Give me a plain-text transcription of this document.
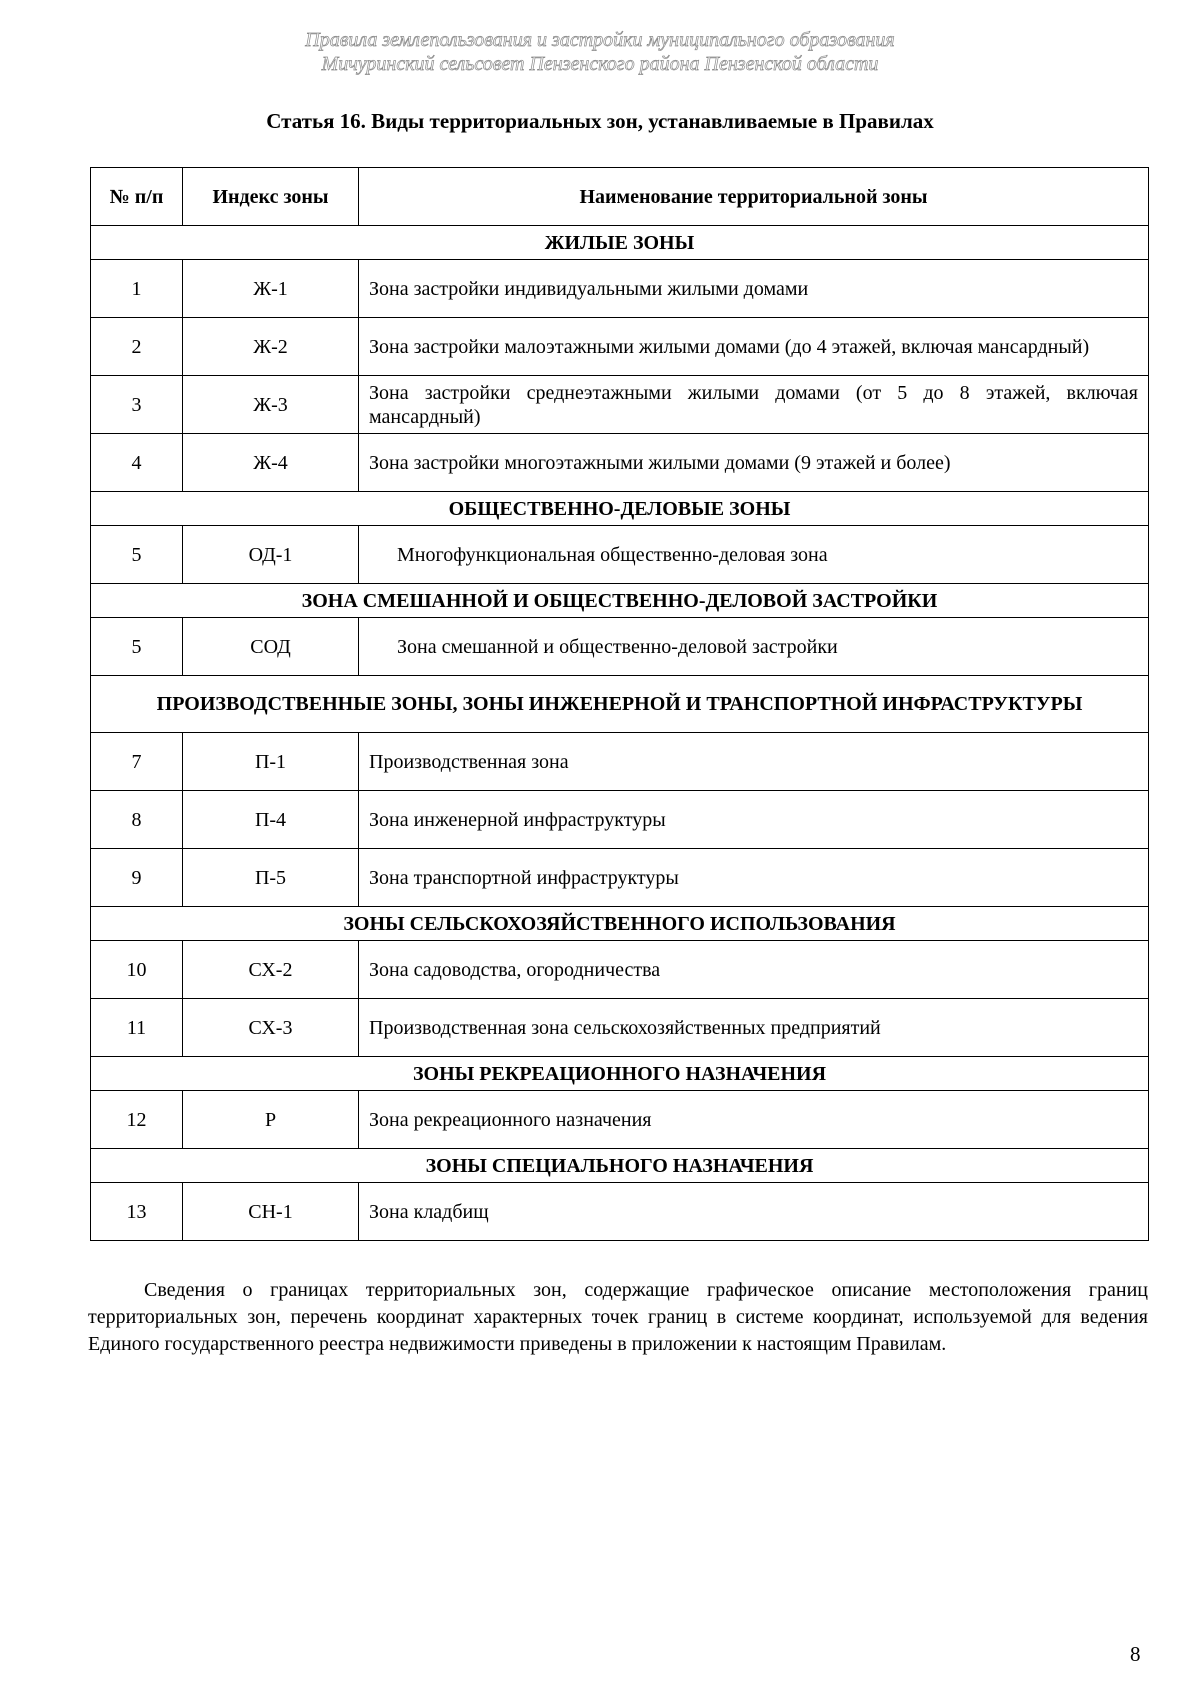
Правила землепользования и застройки муниципального образования
Мичуринский сельсовет Пензенского района Пензенской области
Статья 16. Виды территориальных зон, устанавливаемые в Правилах
№ п/п	Индекс зоны	Наименование территориальной зоны
ЖИЛЫЕ ЗОНЫ		
1	Ж-1	Зона застройки индивидуальными жилыми домами
2	Ж-2	Зона застройки малоэтажными жилыми домами (до 4 этажей, включая мансардный)
3	Ж-3	Зона застройки среднеэтажными жилыми домами (от 5 до 8 этажей, включая мансардный)
4	Ж-4	Зона застройки многоэтажными жилыми домами (9 этажей и более)
ОБЩЕСТВЕННО-ДЕЛОВЫЕ ЗОНЫ		
5	ОД-1	Многофункциональная общественно-деловая зона
ЗОНА СМЕШАННОЙ И ОБЩЕСТВЕННО-ДЕЛОВОЙ ЗАСТРОЙКИ		
5	СОД	Зона смешанной и общественно-деловой застройки
ПРОИЗВОДСТВЕННЫЕ ЗОНЫ, ЗОНЫ ИНЖЕНЕРНОЙ И ТРАНСПОРТНОЙ ИНФРАСТРУКТУРЫ		
7	П-1	Производственная зона
8	П-4	Зона инженерной инфраструктуры
9	П-5	Зона транспортной инфраструктуры
ЗОНЫ СЕЛЬСКОХОЗЯЙСТВЕННОГО ИСПОЛЬЗОВАНИЯ		
10	СХ-2	Зона садоводства, огородничества
11	СХ-3	Производственная зона сельскохозяйственных предприятий
ЗОНЫ РЕКРЕАЦИОННОГО НАЗНАЧЕНИЯ		
12	Р	Зона рекреационного назначения
ЗОНЫ СПЕЦИАЛЬНОГО НАЗНАЧЕНИЯ		
13	СН-1	Зона кладбищ

Сведения о границах территориальных зон, содержащие графическое описание местоположения границ территориальных зон, перечень координат характерных точек границ в системе координат, используемой для ведения Единого государственного реестра недвижимости приведены в приложении к настоящим Правилам.

8
